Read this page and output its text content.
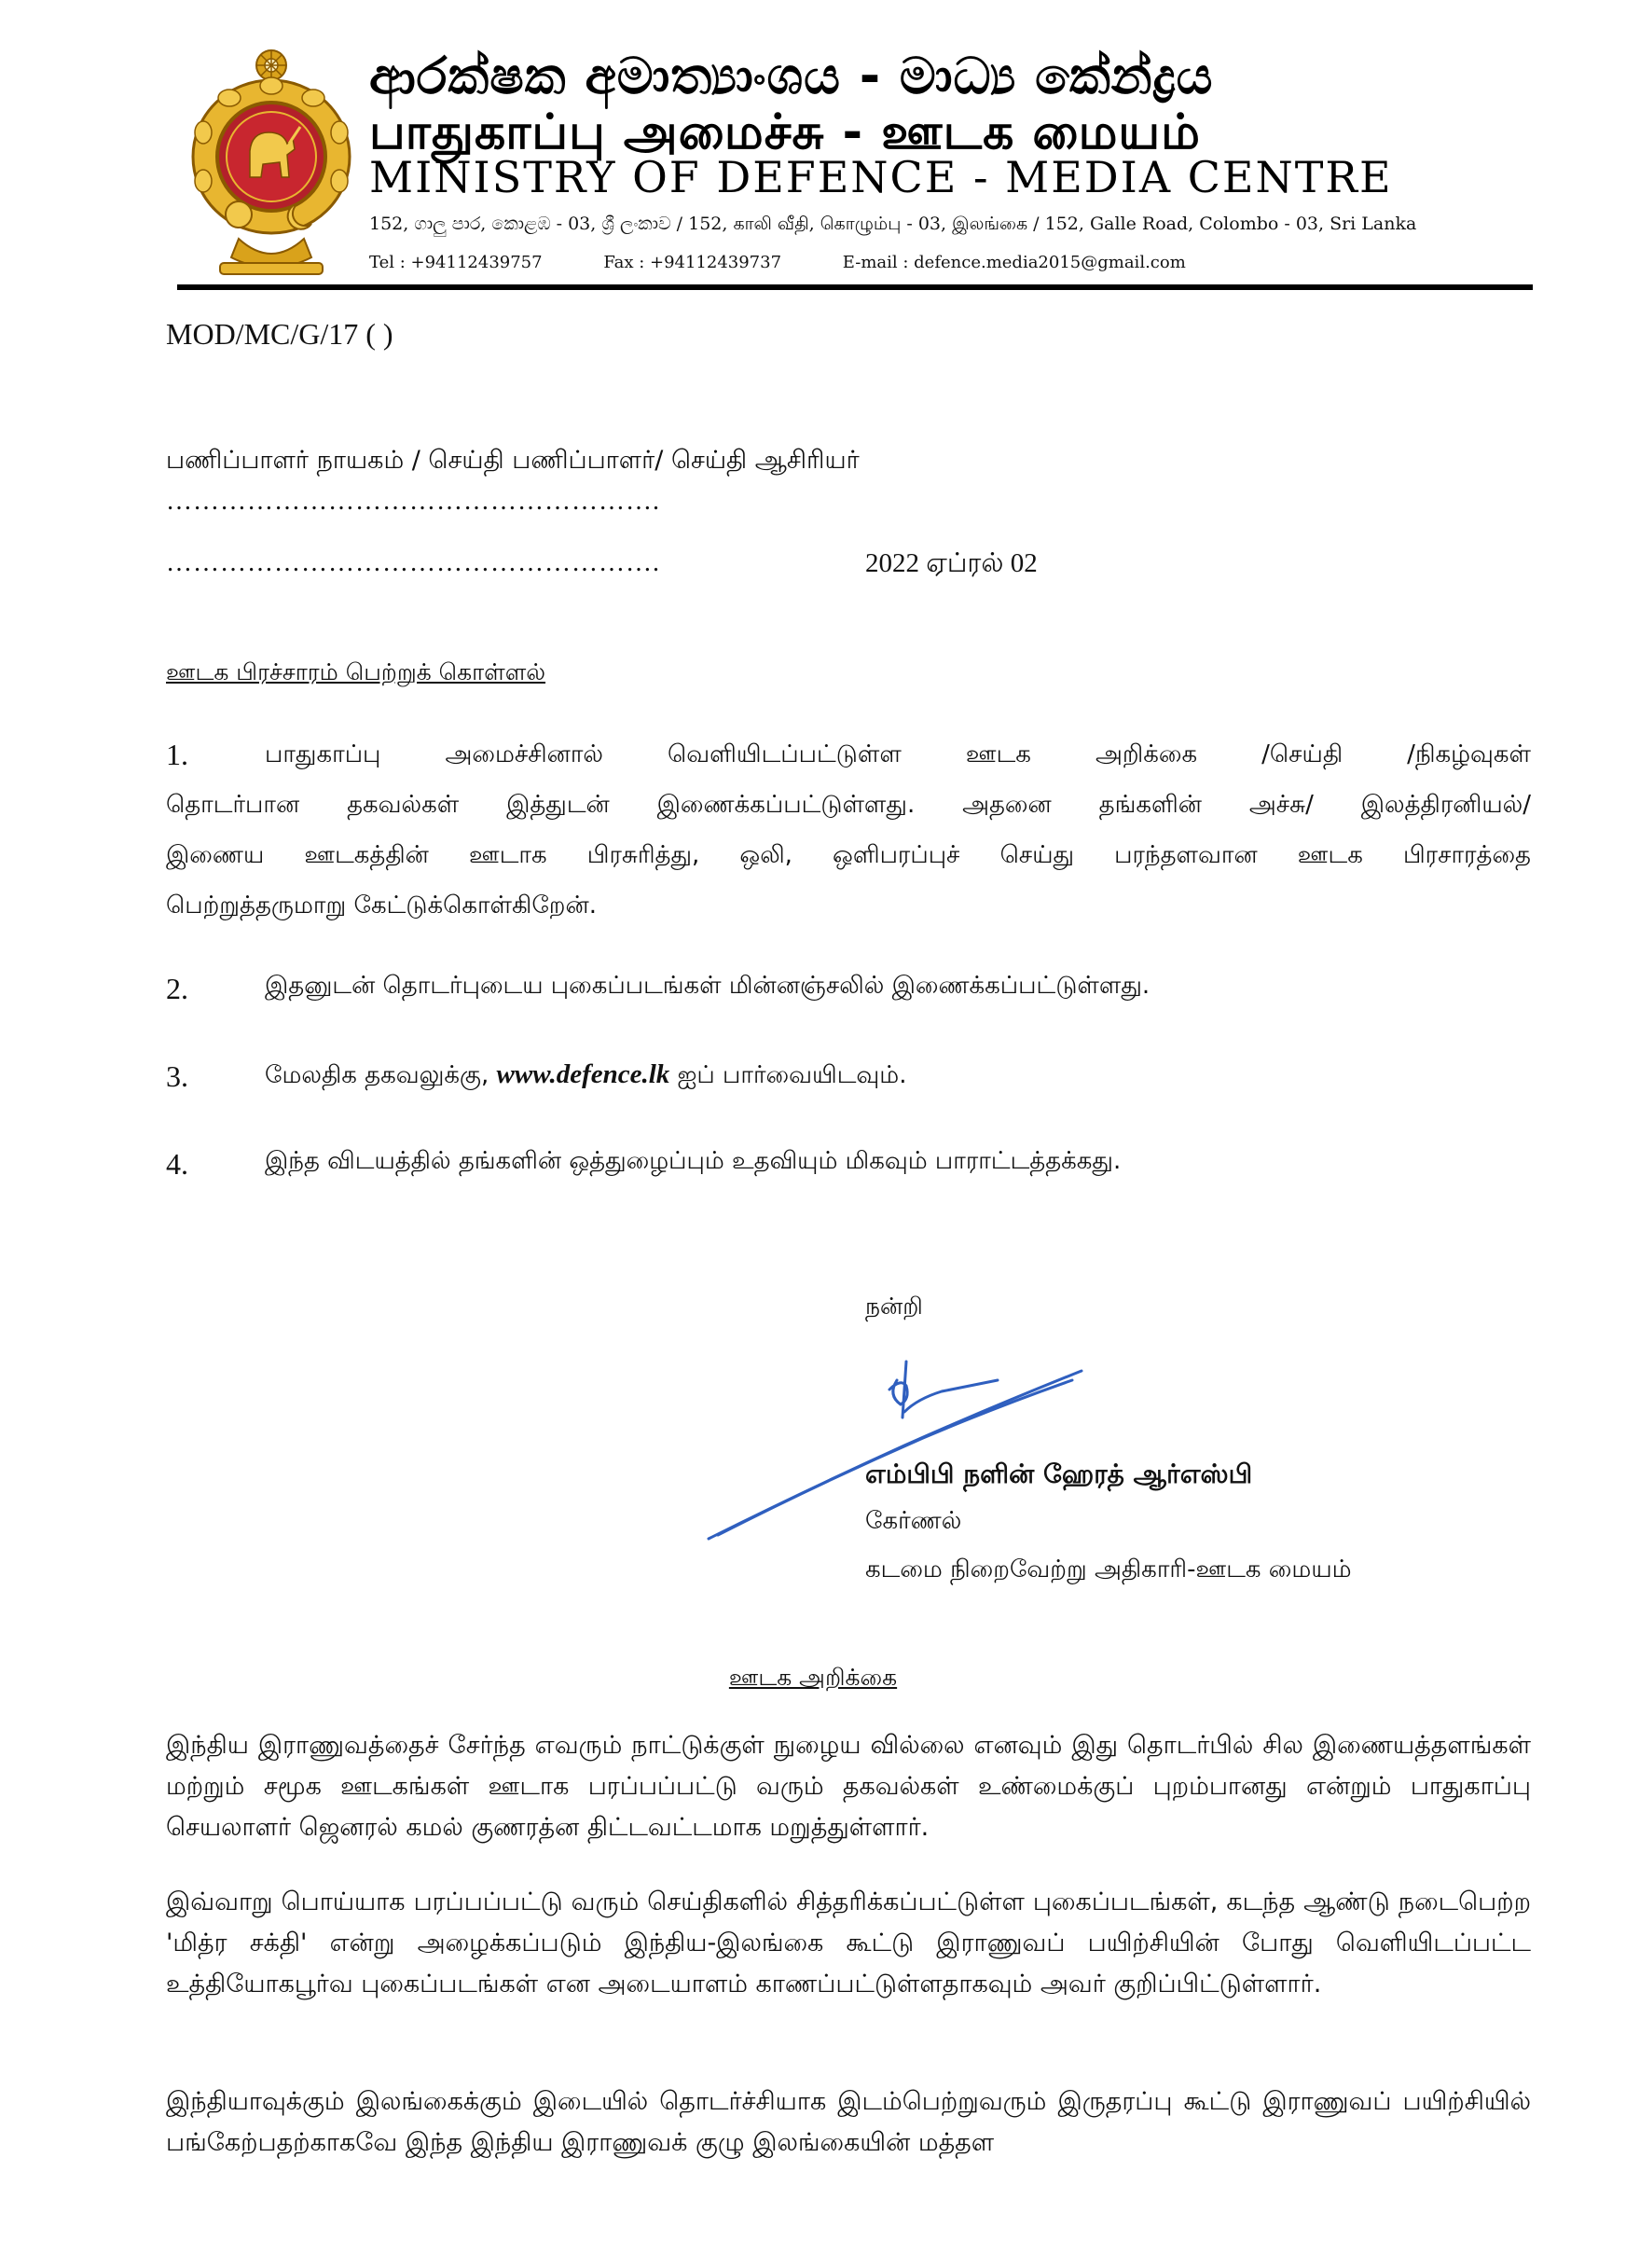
ආරක්ෂක අමාත්‍යාංශය - මාධ්‍ය කේන්ද්‍රය
பாதுகாப்பு அமைச்சு - ஊடக மையம்
MINISTRY OF DEFENCE - MEDIA CENTRE
152, ගාලු පාර, කොළඹ - 03, ශ්‍රී ලංකාව / 152, காலி வீதி, கொழும்பு - 03, இலங்கை / 152, Galle Road, Colombo - 03, Sri Lanka
Tel : +94112439757	Fax : +94112439737	E-mail : defence.media2015@gmail.com
MOD/MC/G/17 ( )
பணிப்பாளர் நாயகம் / செய்தி பணிப்பாளர்/ செய்தி ஆசிரியர்
……………………………………………….
……………………………………………….	2022 ஏப்ரல் 02
ஊடக பிரச்சாரம் பெற்றுக் கொள்ளல்
1.	பாதுகாப்பு அமைச்சினால் வெளியிடப்பட்டுள்ள ஊடக அறிக்கை /செய்தி /நிகழ்வுகள்
தொடர்பான தகவல்கள் இத்துடன் இணைக்கப்பட்டுள்ளது. அதனை தங்களின் அச்சு/ இலத்திரனியல்/
இணைய ஊடகத்தின் ஊடாக பிரசுரித்து, ஒலி, ஒளிபரப்புச் செய்து பரந்தளவான ஊடக பிரசாரத்தை
பெற்றுத்தருமாறு கேட்டுக்கொள்கிறேன்.
2.	இதனுடன் தொடர்புடைய புகைப்படங்கள் மின்னஞ்சலில் இணைக்கப்பட்டுள்ளது.
3.	மேலதிக தகவலுக்கு, www.defence.lk ஐப் பார்வையிடவும்.
4.	இந்த விடயத்தில் தங்களின் ஒத்துழைப்பும் உதவியும் மிகவும் பாராட்டத்தக்கது.
நன்றி
எம்பிபி நளின் ஹேரத் ஆர்எஸ்பி
கேர்ணல்
கடமை நிறைவேற்று அதிகாரி-ஊடக மையம்
ஊடக அறிக்கை
இந்திய இராணுவத்தைச் சேர்ந்த எவரும் நாட்டுக்குள் நுழைய வில்லை எனவும் இது தொடர்பில் சில இணையத்தளங்கள் மற்றும் சமூக ஊடகங்கள் ஊடாக பரப்பப்பட்டு வரும் தகவல்கள் உண்மைக்குப் புறம்பானது என்றும் பாதுகாப்பு செயலாளர் ஜெனரல் கமல் குணரத்ன திட்டவட்டமாக மறுத்துள்ளார்.
இவ்வாறு பொய்யாக பரப்பப்பட்டு வரும் செய்திகளில் சித்தரிக்கப்பட்டுள்ள புகைப்படங்கள், கடந்த ஆண்டு நடைபெற்ற 'மித்ர சக்தி' என்று அழைக்கப்படும் இந்திய-இலங்கை கூட்டு இராணுவப் பயிற்சியின் போது வெளியிடப்பட்ட உத்தியோகபூர்வ புகைப்படங்கள் என அடையாளம் காணப்பட்டுள்ளதாகவும் அவர் குறிப்பிட்டுள்ளார்.
இந்தியாவுக்கும் இலங்கைக்கும் இடையில் தொடர்ச்சியாக இடம்பெற்றுவரும் இருதரப்பு கூட்டு இராணுவப் பயிற்சியில் பங்கேற்பதற்காகவே இந்த இந்திய இராணுவக் குழு இலங்கையின் மத்தள
